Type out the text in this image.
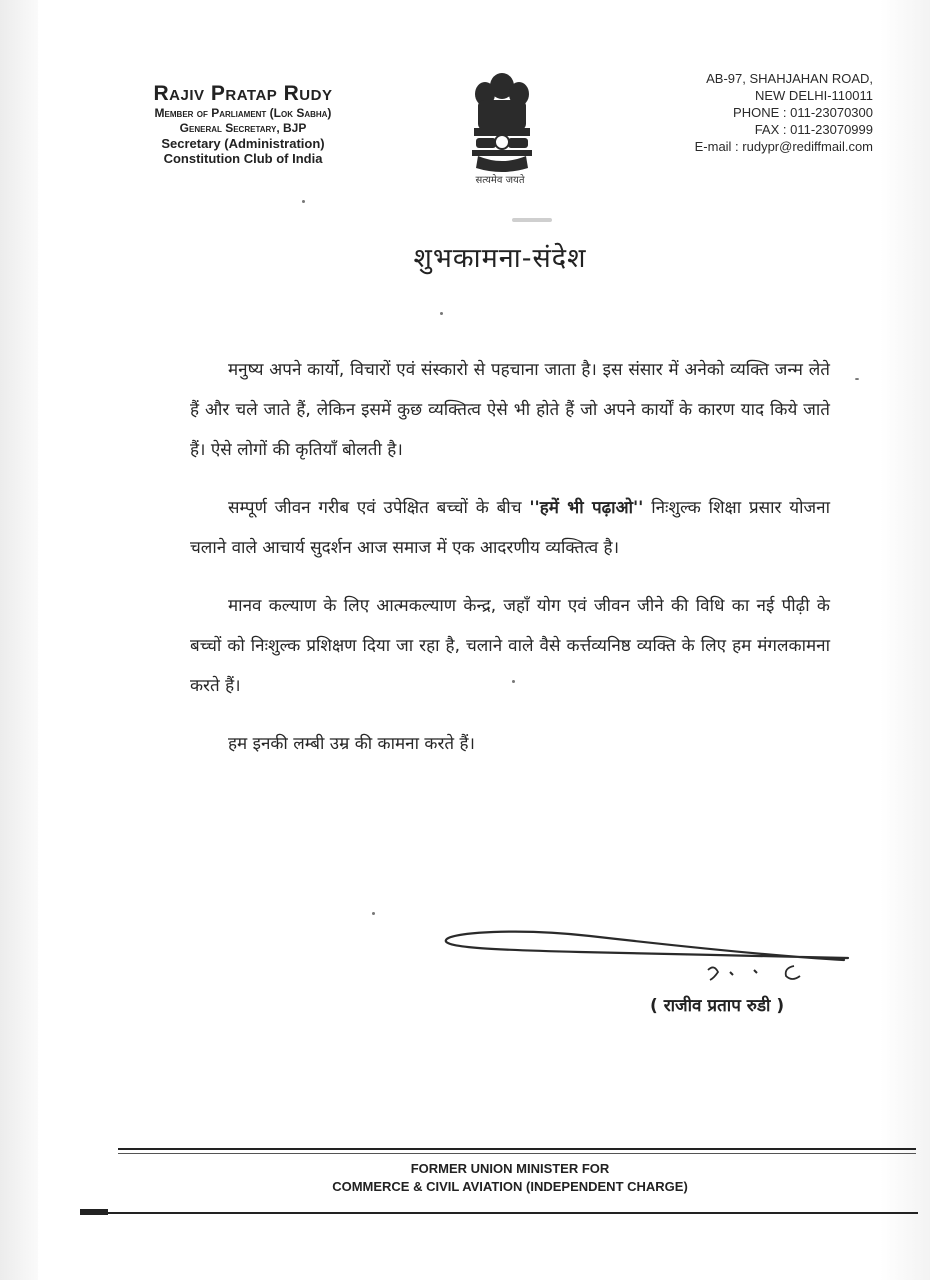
Rajiv Pratap Rudy
Member of Parliament (Lok Sabha)
General Secretary, BJP
Secretary (Administration)
Constitution Club of India
सत्यमेव जयते
AB-97, SHAHJAHAN ROAD,
NEW DELHI-110011
PHONE : 011-23070300
FAX : 011-23070999
E-mail : rudypr@rediffmail.com
शुभकामना-संदेश

मनुष्य अपने कार्यो, विचारों एवं संस्कारो से पहचाना जाता है। इस संसार में अनेको व्यक्ति जन्म लेते हैं और चले जाते हैं, लेकिन इसमें कुछ व्यक्तित्व ऐसे भी होते हैं जो अपने कार्यों के कारण याद किये जाते हैं। ऐसे लोगों की कृतियाँ बोलती है।

सम्पूर्ण जीवन गरीब एवं उपेक्षित बच्चों के बीच ''हमें भी पढ़ाओ'' निःशुल्क शिक्षा प्रसार योजना चलाने वाले आचार्य सुदर्शन आज समाज में एक आदरणीय व्यक्तित्व है।

मानव कल्याण के लिए आत्मकल्याण केन्द्र, जहाँ योग एवं जीवन जीने की विधि का नई पीढ़ी के बच्चों को निःशुल्क प्रशिक्षण दिया जा रहा है, चलाने वाले वैसे कर्त्तव्यनिष्ठ व्यक्ति के लिए हम मंगलकामना करते हैं।

हम इनकी लम्बी उम्र की कामना करते हैं।

( राजीव प्रताप रुडी )
FORMER UNION MINISTER FOR
COMMERCE & CIVIL AVIATION (INDEPENDENT CHARGE)
